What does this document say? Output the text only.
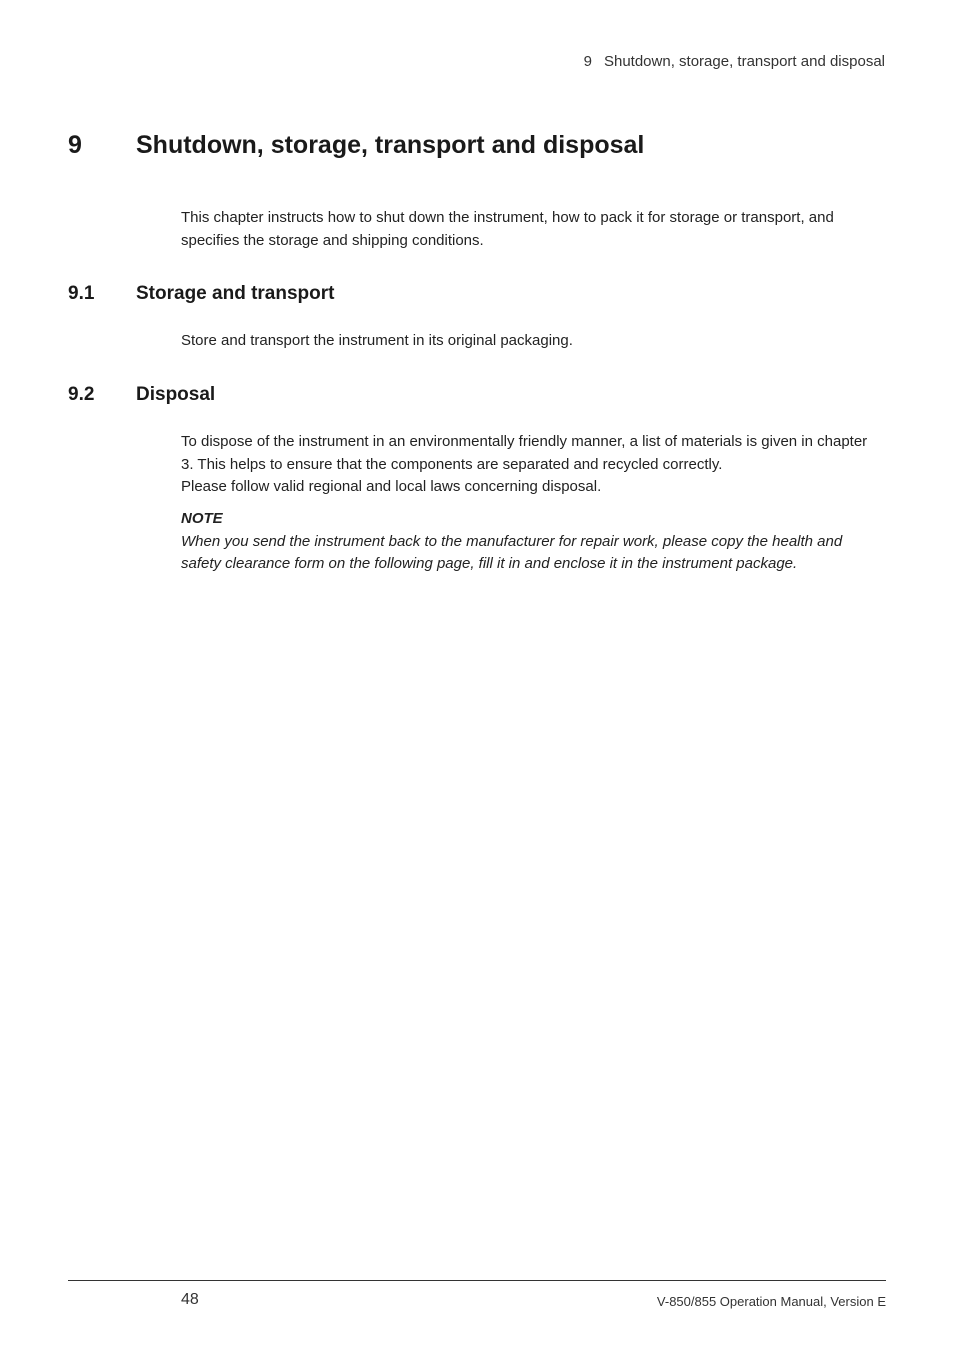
9 Shutdown, storage, transport and disposal
9 Shutdown, storage, transport and disposal

This chapter instructs how to shut down the instrument, how to pack it for storage or transport, and

specifies the storage and shipping conditions.

9.1 Storage and transport

Store and transport the instrument in its original packaging.

9.2 Disposal

To dispose of the instrument in an environmentally friendly manner, a list of materials is given in chapter

3. This helps to ensure that the components are separated and recycled correctly.

Please follow valid regional and local laws concerning disposal.

NOTE

When you send the instrument back to the manufacturer for repair work, please copy the health and

safety clearance form on the following page, fill it in and enclose it in the instrument package.

48	V-850/855 Operation Manual, Version E
